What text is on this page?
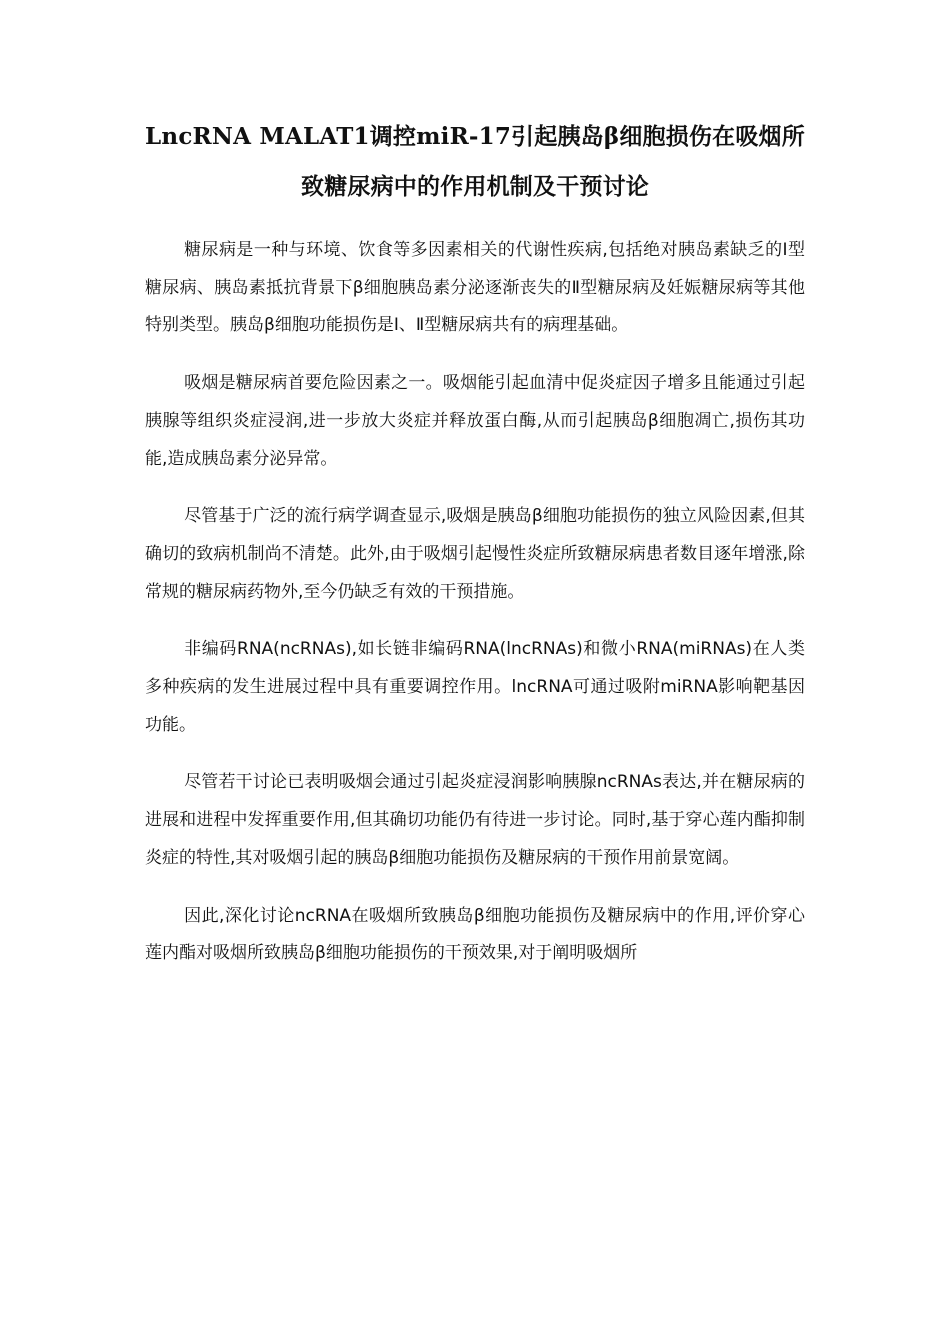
LncRNA MALAT1调控miR-17引起胰岛β细胞损伤在吸烟所致糖尿病中的作用机制及干预讨论

糖尿病是一种与环境、饮食等多因素相关的代谢性疾病,包括绝对胰岛素缺乏的Ⅰ型糖尿病、胰岛素抵抗背景下β细胞胰岛素分泌逐渐丧失的Ⅱ型糖尿病及妊娠糖尿病等其他特别类型。胰岛β细胞功能损伤是Ⅰ、Ⅱ型糖尿病共有的病理基础。

吸烟是糖尿病首要危险因素之一。吸烟能引起血清中促炎症因子增多且能通过引起胰腺等组织炎症浸润,进一步放大炎症并释放蛋白酶,从而引起胰岛β细胞凋亡,损伤其功能,造成胰岛素分泌异常。

尽管基于广泛的流行病学调查显示,吸烟是胰岛β细胞功能损伤的独立风险因素,但其确切的致病机制尚不清楚。此外,由于吸烟引起慢性炎症所致糖尿病患者数目逐年增涨,除常规的糖尿病药物外,至今仍缺乏有效的干预措施。

非编码RNA(ncRNAs),如长链非编码RNA(lncRNAs)和微小RNA(miRNAs)在人类多种疾病的发生进展过程中具有重要调控作用。lncRNA可通过吸附miRNA影响靶基因功能。

尽管若干讨论已表明吸烟会通过引起炎症浸润影响胰腺ncRNAs表达,并在糖尿病的进展和进程中发挥重要作用,但其确切功能仍有待进一步讨论。同时,基于穿心莲内酯抑制炎症的特性,其对吸烟引起的胰岛β细胞功能损伤及糖尿病的干预作用前景宽阔。

因此,深化讨论ncRNA在吸烟所致胰岛β细胞功能损伤及糖尿病中的作用,评价穿心莲内酯对吸烟所致胰岛β细胞功能损伤的干预效果,对于阐明吸烟所
